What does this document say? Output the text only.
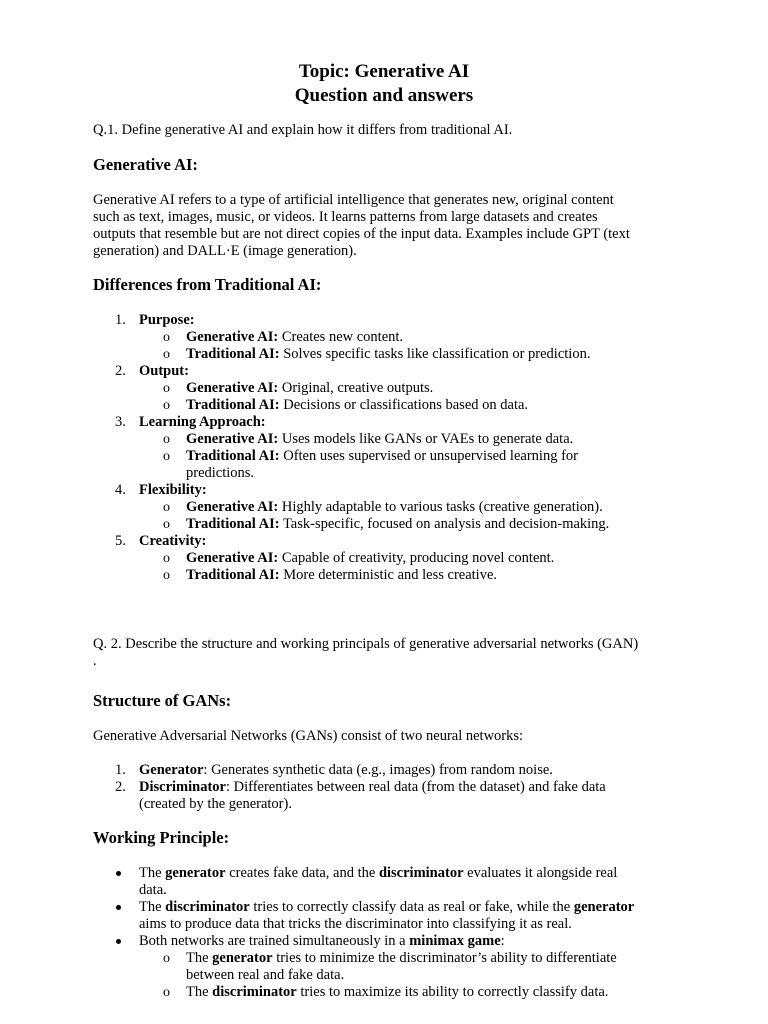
Topic: Generative AI
Question and answers
Q.1. Define generative AI and explain how it differs from traditional AI.
Generative AI:
Generative AI refers to a type of artificial intelligence that generates new, original content
such as text, images, music, or videos. It learns patterns from large datasets and creates
outputs that resemble but are not direct copies of the input data. Examples include GPT (text
generation) and DALL·E (image generation).
Differences from Traditional AI:
1. Purpose:
o Generative AI: Creates new content.
o Traditional AI: Solves specific tasks like classification or prediction.
2. Output:
o Generative AI: Original, creative outputs.
o Traditional AI: Decisions or classifications based on data.
3. Learning Approach:
o Generative AI: Uses models like GANs or VAEs to generate data.
o Traditional AI: Often uses supervised or unsupervised learning for
predictions.
4. Flexibility:
o Generative AI: Highly adaptable to various tasks (creative generation).
o Traditional AI: Task-specific, focused on analysis and decision-making.
5. Creativity:
o Generative AI: Capable of creativity, producing novel content.
o Traditional AI: More deterministic and less creative.
Q. 2. Describe the structure and working principals of generative adversarial networks (GAN)
.
Structure of GANs:
Generative Adversarial Networks (GANs) consist of two neural networks:
1. Generator: Generates synthetic data (e.g., images) from random noise.
2. Discriminator: Differentiates between real data (from the dataset) and fake data
(created by the generator).
Working Principle:
The generator creates fake data, and the discriminator evaluates it alongside real
data.
The discriminator tries to correctly classify data as real or fake, while the generator
aims to produce data that tricks the discriminator into classifying it as real.
Both networks are trained simultaneously in a minimax game:
o The generator tries to minimize the discriminator’s ability to differentiate
between real and fake data.
o The discriminator tries to maximize its ability to correctly classify data.
